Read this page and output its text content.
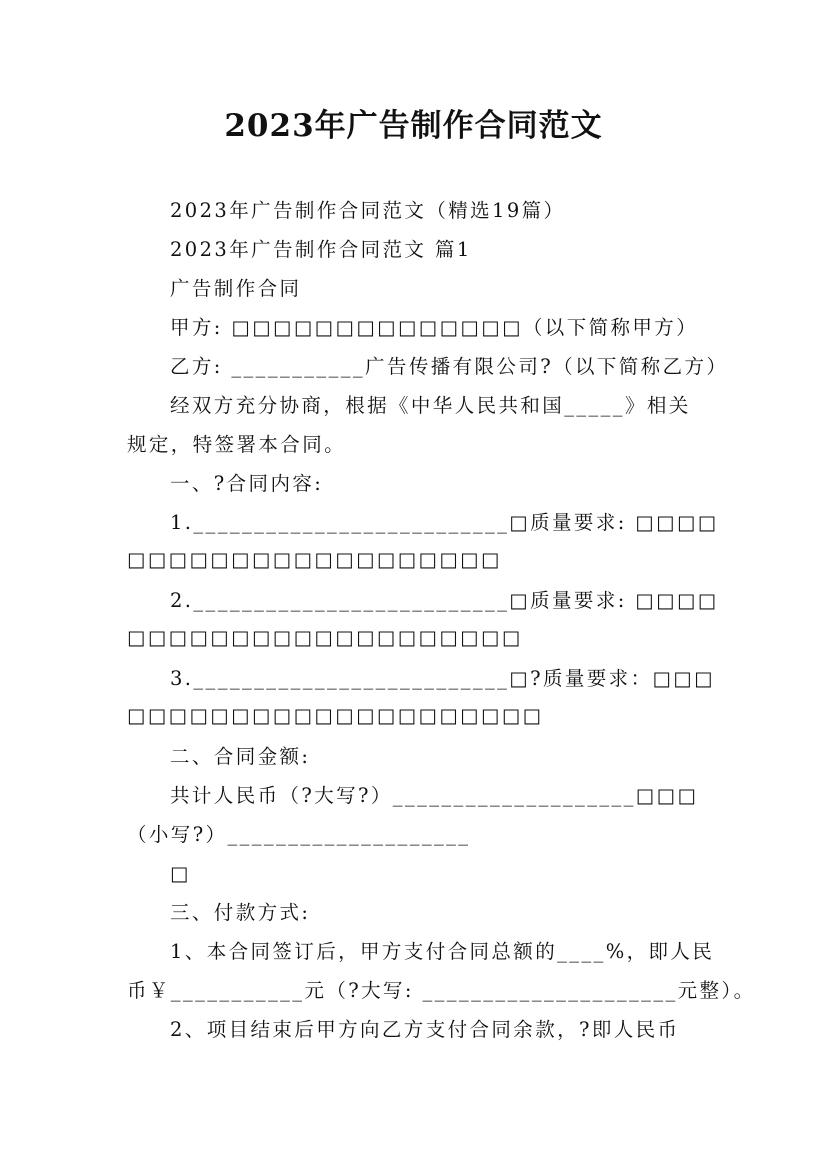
2023年广告制作合同范文
2023年广告制作合同范文（精选19篇）
2023年广告制作合同范文 篇1
广告制作合同
甲方: □□□□□□□□□□□□□□（以下简称甲方）
乙方: ___________广告传播有限公司?（以下简称乙方）
经双方充分协商，根据《中华人民共和国_____》相关
规定，特签署本合同。
一、?合同内容:
1.__________________________□质量要求: □□□□
□□□□□□□□□□□□□□□□□□
2.__________________________□质量要求: □□□□
□□□□□□□□□□□□□□□□□□□
3.__________________________□?质量要求：□□□
□□□□□□□□□□□□□□□□□□□□
二、合同金额:
共计人民币（?大写?）____________________□□□
（小写?）____________________
□
三、付款方式:
1、本合同签订后，甲方支付合同总额的____%，即人民
币￥___________元（?大写: _____________________元整）。
2、项目结束后甲方向乙方支付合同余款，?即人民币
